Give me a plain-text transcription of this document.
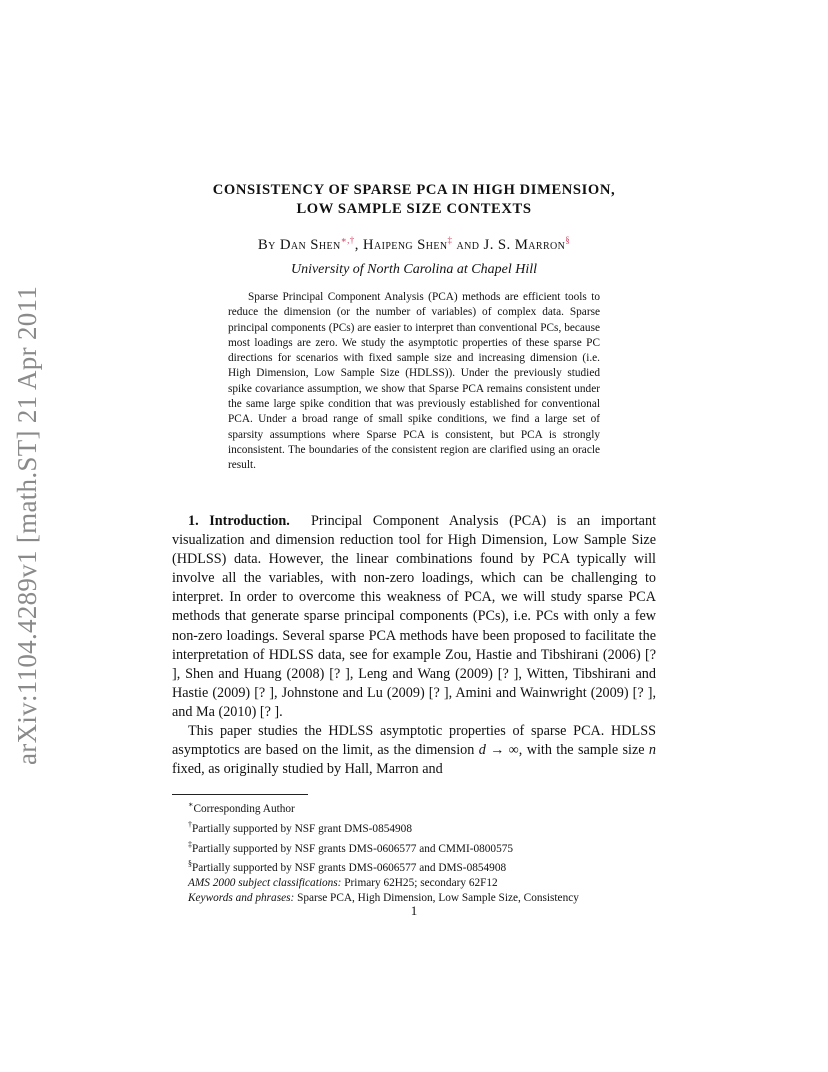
arXiv:1104.4289v1 [math.ST] 21 Apr 2011
CONSISTENCY OF SPARSE PCA IN HIGH DIMENSION,
LOW SAMPLE SIZE CONTEXTS
By Dan Shen∗,†, Haipeng Shen‡ and J. S. Marron§
University of North Carolina at Chapel Hill
Sparse Principal Component Analysis (PCA) methods are efficient tools to reduce the dimension (or the number of variables) of complex data. Sparse principal components (PCs) are easier to interpret than conventional PCs, because most loadings are zero. We study the asymptotic properties of these sparse PC directions for scenarios with fixed sample size and increasing dimension (i.e. High Dimension, Low Sample Size (HDLSS)). Under the previously studied spike covariance assumption, we show that Sparse PCA remains consistent under the same large spike condition that was previously established for conventional PCA. Under a broad range of small spike conditions, we find a large set of sparsity assumptions where Sparse PCA is consistent, but PCA is strongly inconsistent. The boundaries of the consistent region are clarified using an oracle result.

1. Introduction. Principal Component Analysis (PCA) is an important visualization and dimension reduction tool for High Dimension, Low Sample Size (HDLSS) data. However, the linear combinations found by PCA typically will involve all the variables, with non-zero loadings, which can be challenging to interpret. In order to overcome this weakness of PCA, we will study sparse PCA methods that generate sparse principal components (PCs), i.e. PCs with only a few non-zero loadings. Several sparse PCA methods have been proposed to facilitate the interpretation of HDLSS data, see for example Zou, Hastie and Tibshirani (2006) [? ], Shen and Huang (2008) [? ], Leng and Wang (2009) [? ], Witten, Tibshirani and Hastie (2009) [? ], Johnstone and Lu (2009) [? ], Amini and Wainwright (2009) [? ], and Ma (2010) [? ].

This paper studies the HDLSS asymptotic properties of sparse PCA. HDLSS asymptotics are based on the limit, as the dimension d → ∞, with the sample size n fixed, as originally studied by Hall, Marron and

∗Corresponding Author
†Partially supported by NSF grant DMS-0854908
‡Partially supported by NSF grants DMS-0606577 and CMMI-0800575
§Partially supported by NSF grants DMS-0606577 and DMS-0854908
AMS 2000 subject classifications: Primary 62H25; secondary 62F12
Keywords and phrases: Sparse PCA, High Dimension, Low Sample Size, Consistency
1
